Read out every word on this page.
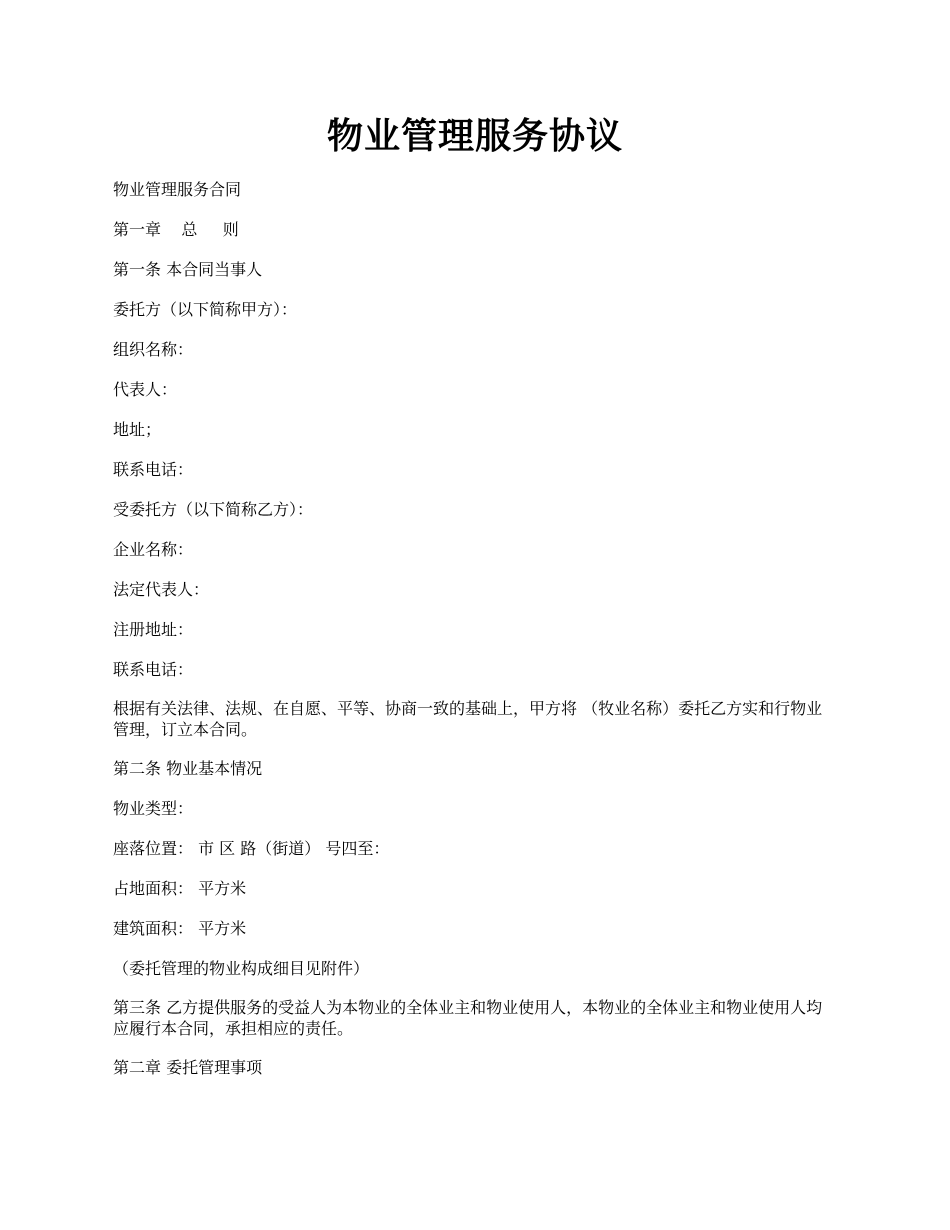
物业管理服务协议

物业管理服务合同

第一章    总     则

第一条 本合同当事人

委托方（以下简称甲方）：

组织名称：

代表人：

地址；

联系电话：

受委托方（以下简称乙方）：

企业名称：

法定代表人：

注册地址：

联系电话：

根据有关法律、法规、在自愿、平等、协商一致的基础上，甲方将 （牧业名称）委托乙方实和行物业管理，订立本合同。

第二条 物业基本情况

物业类型：

座落位置： 市 区 路（街道） 号四至：

占地面积： 平方米

建筑面积： 平方米

（委托管理的物业构成细目见附件）

第三条 乙方提供服务的受益人为本物业的全体业主和物业使用人，本物业的全体业主和物业使用人均应履行本合同，承担相应的责任。

第二章 委托管理事项
